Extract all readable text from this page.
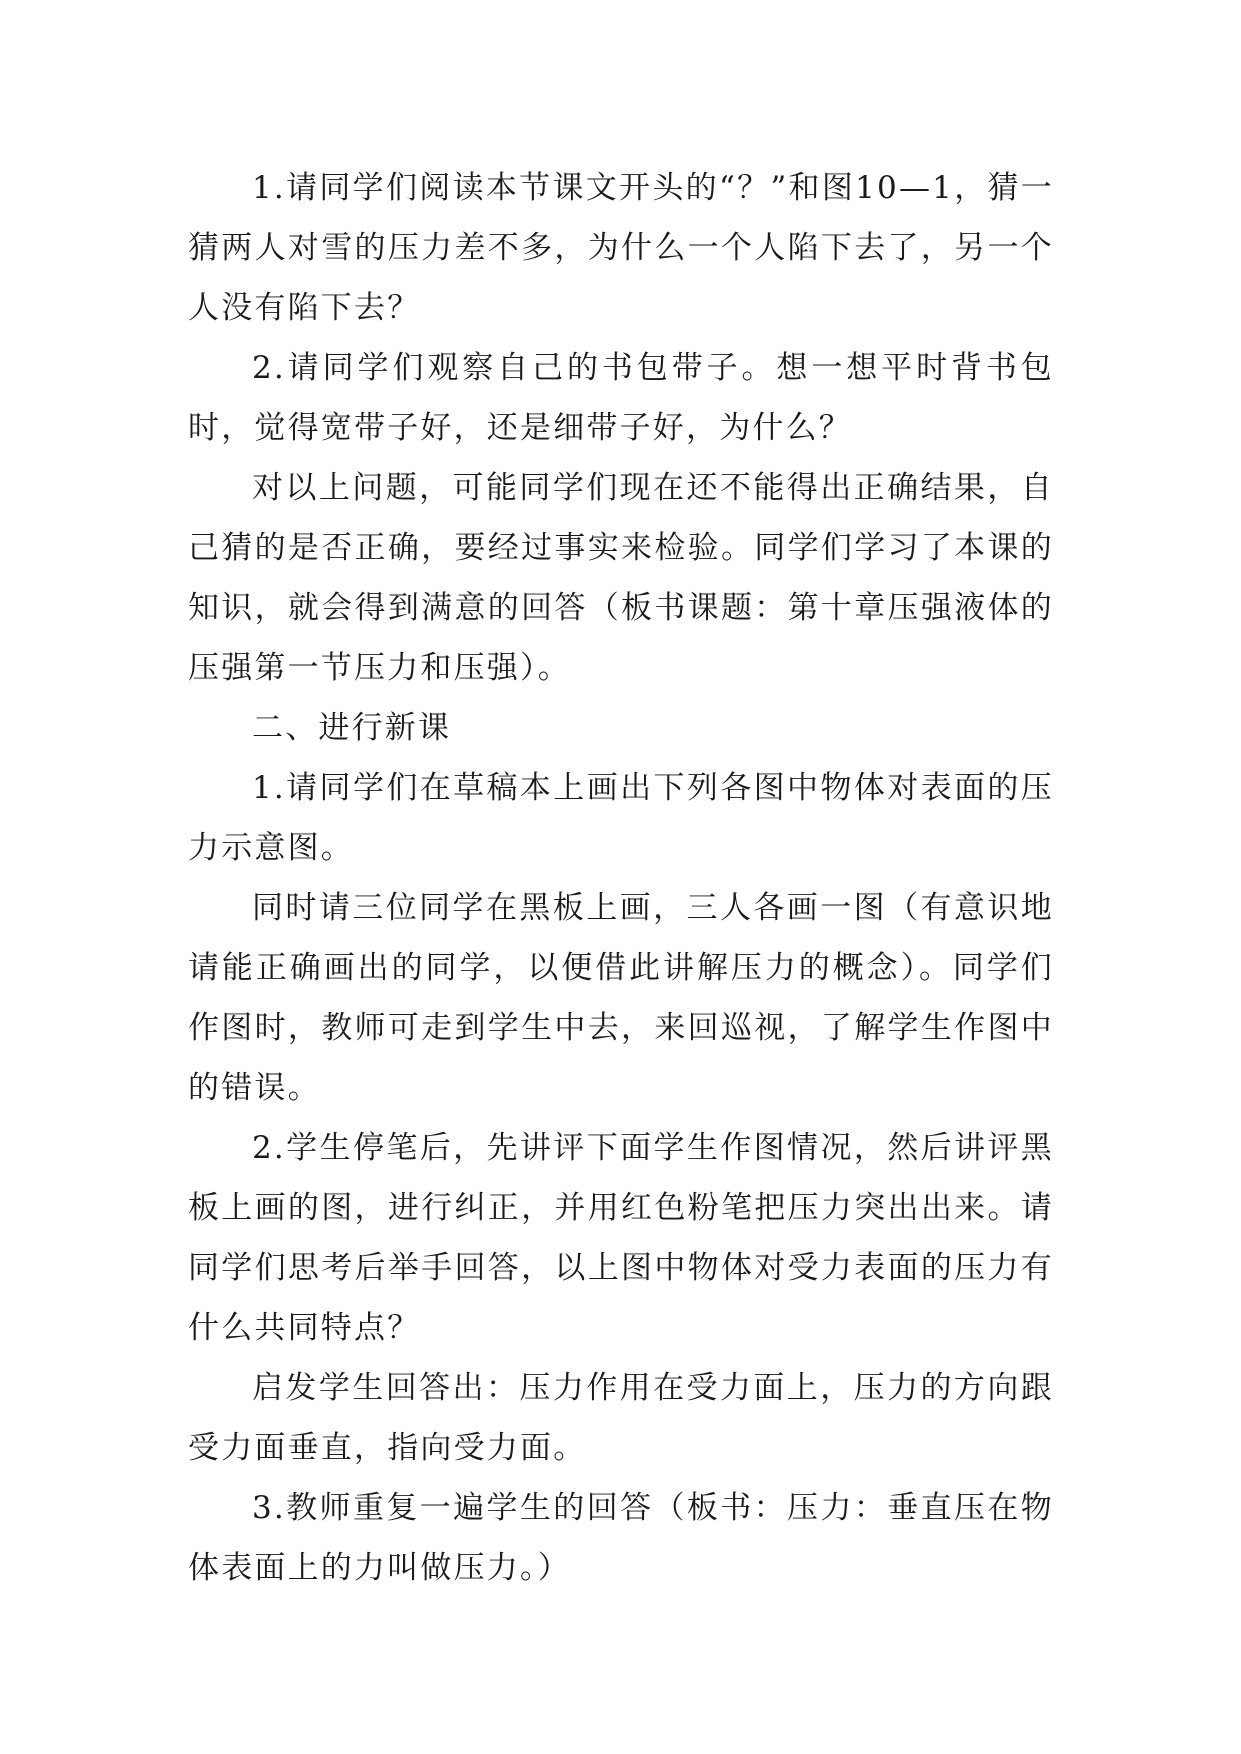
1.请同学们阅读本节课文开头的“？”和图10—1，猜一猜两人对雪的压力差不多，为什么一个人陷下去了，另一个人没有陷下去？

2.请同学们观察自己的书包带子。想一想平时背书包时，觉得宽带子好，还是细带子好，为什么？

对以上问题，可能同学们现在还不能得出正确结果，自己猜的是否正确，要经过事实来检验。同学们学习了本课的知识，就会得到满意的回答（板书课题：第十章压强液体的压强第一节压力和压强）。

二、进行新课

1.请同学们在草稿本上画出下列各图中物体对表面的压力示意图。

同时请三位同学在黑板上画，三人各画一图（有意识地请能正确画出的同学，以便借此讲解压力的概念）。同学们作图时，教师可走到学生中去，来回巡视，了解学生作图中的错误。

2.学生停笔后，先讲评下面学生作图情况，然后讲评黑板上画的图，进行纠正，并用红色粉笔把压力突出出来。请同学们思考后举手回答，以上图中物体对受力表面的压力有什么共同特点？

启发学生回答出：压力作用在受力面上，压力的方向跟受力面垂直，指向受力面。

3.教师重复一遍学生的回答（板书：压力：垂直压在物体表面上的力叫做压力。）
